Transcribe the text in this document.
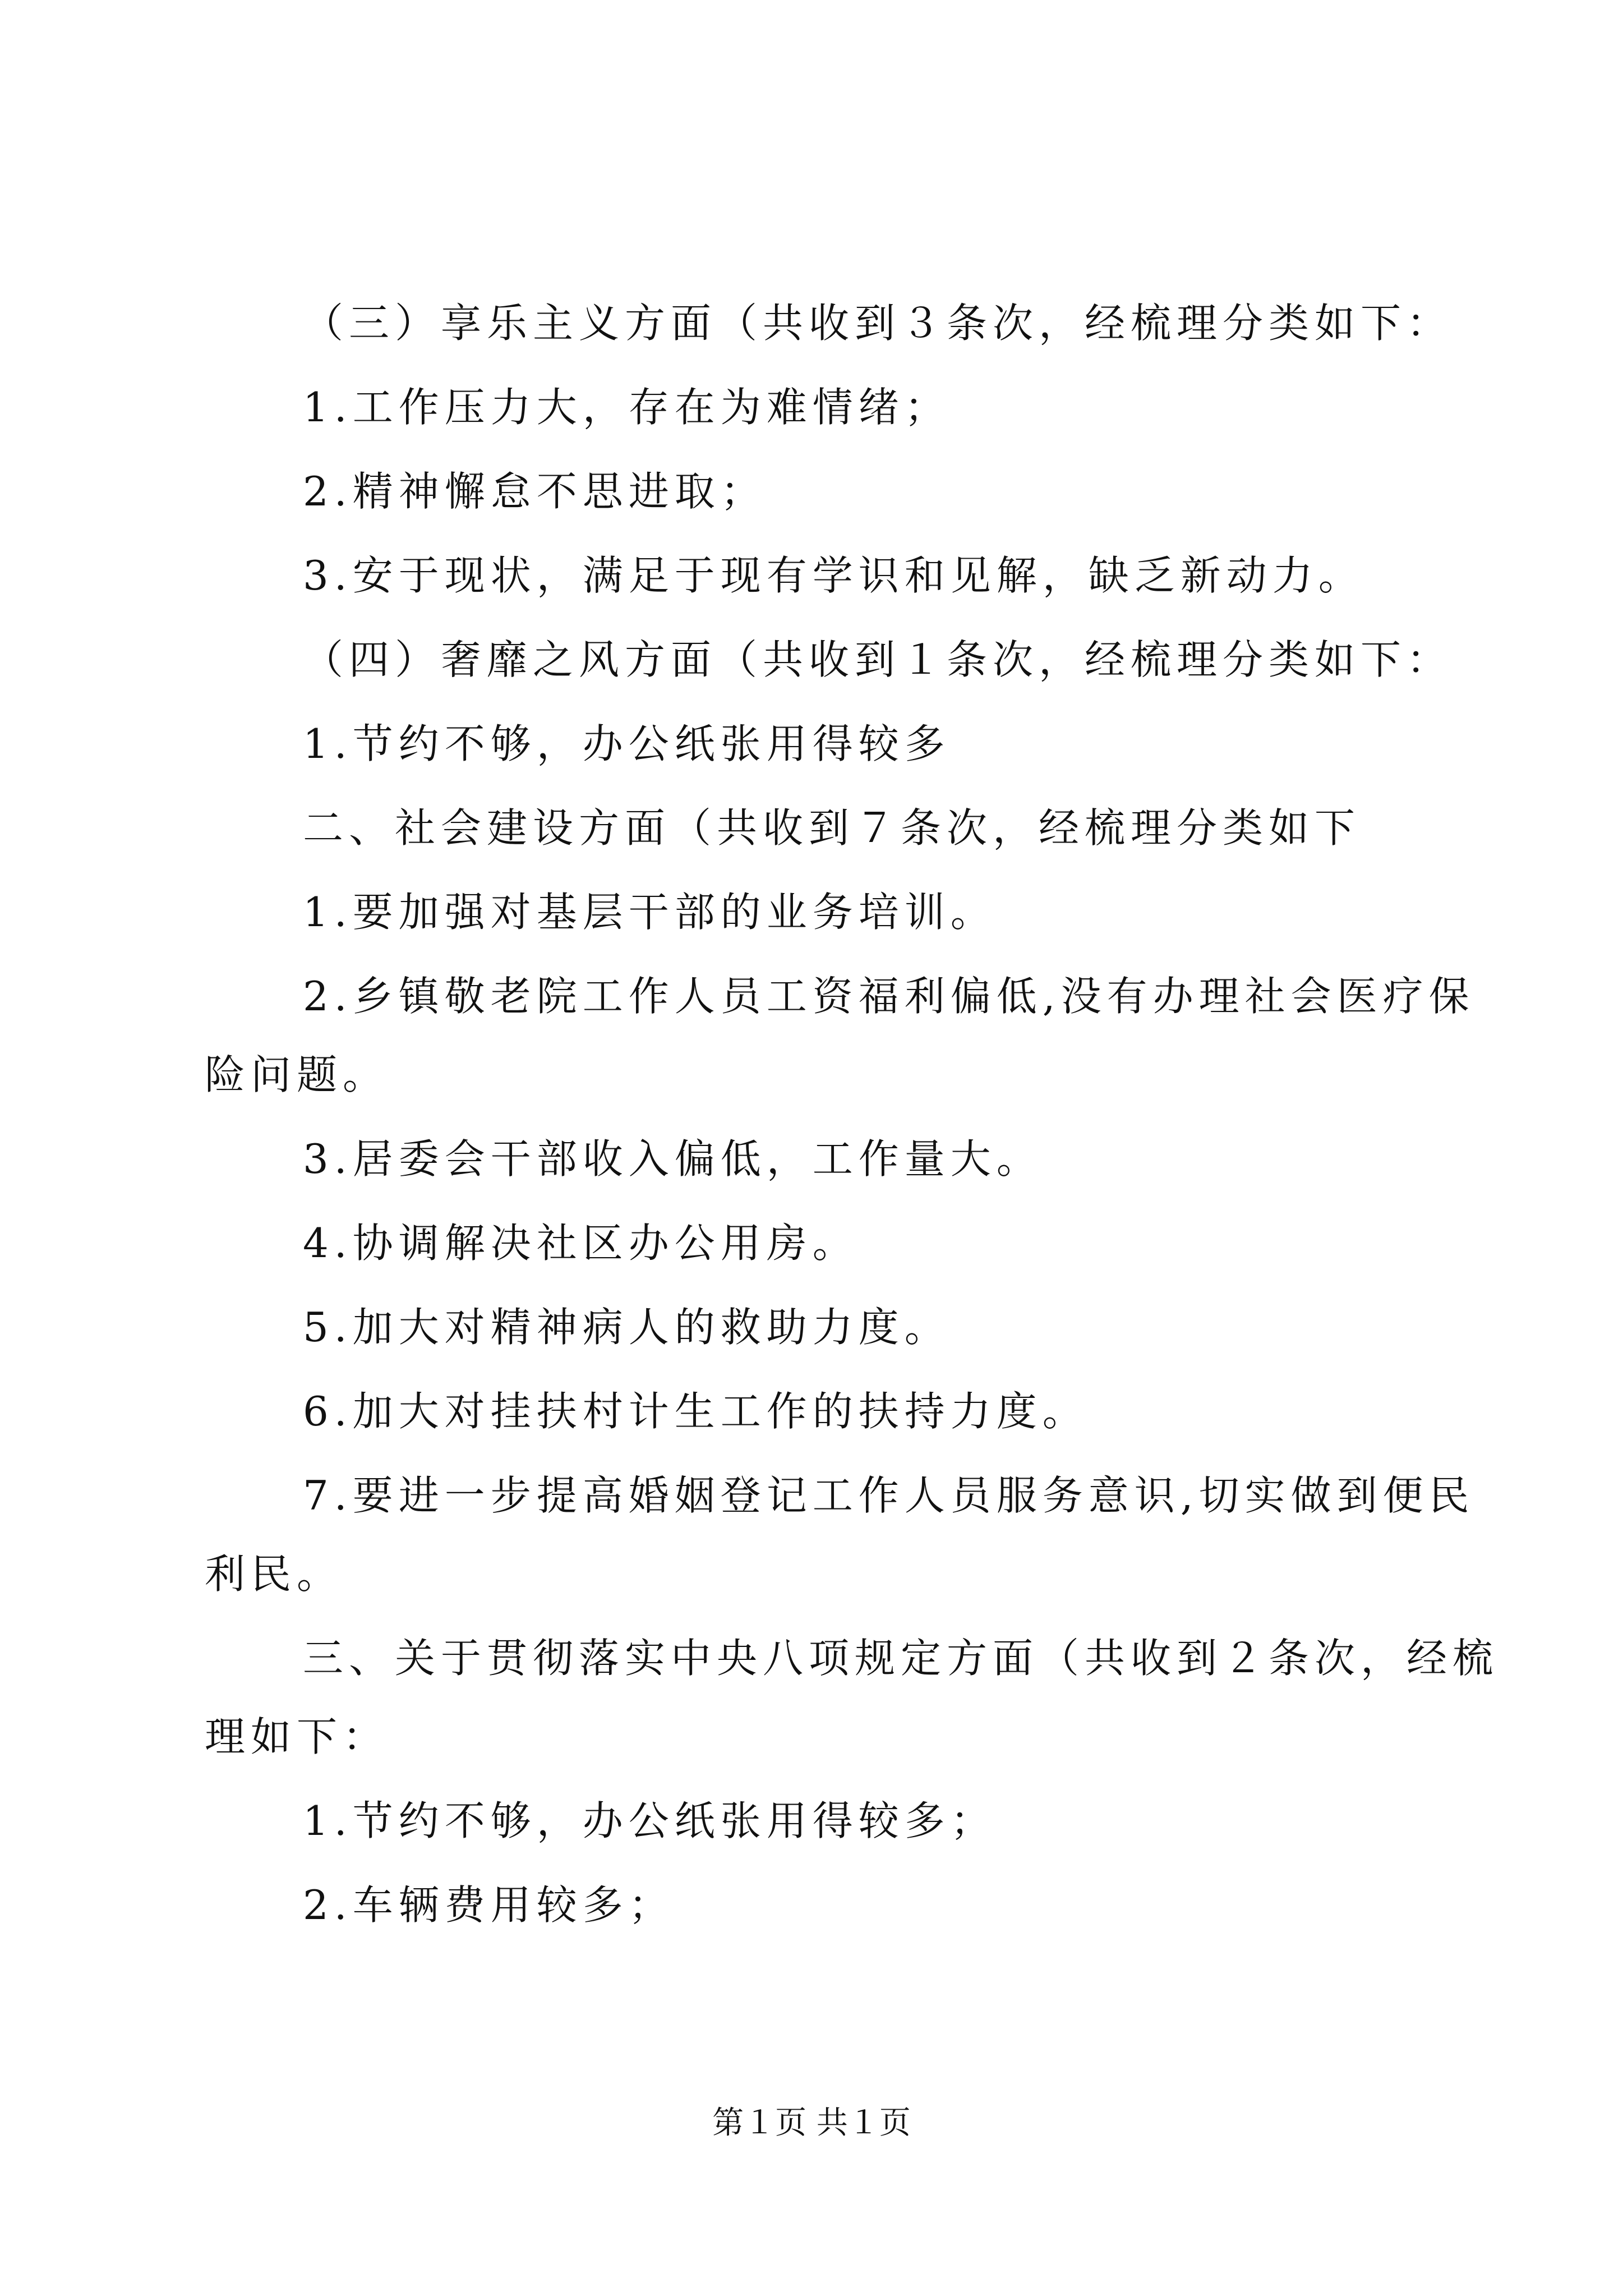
（三）享乐主义方面（共收到３条次，经梳理分类如下：
1.工作压力大，存在为难情绪；
2.精神懈怠不思进取；
3.安于现状，满足于现有学识和见解，缺乏新动力。
（四）奢靡之风方面（共收到１条次，经梳理分类如下：
1.节约不够，办公纸张用得较多
二、社会建设方面（共收到７条次，经梳理分类如下
1.要加强对基层干部的业务培训。
2.乡镇敬老院工作人员工资福利偏低,没有办理社会医疗保
险问题。
3.居委会干部收入偏低，工作量大。
4.协调解决社区办公用房。
5.加大对精神病人的救助力度。
6.加大对挂扶村计生工作的扶持力度。
7.要进一步提高婚姻登记工作人员服务意识,切实做到便民
利民。
三、关于贯彻落实中央八项规定方面（共收到２条次，经梳
理如下：
1.节约不够，办公纸张用得较多；
2.车辆费用较多；
第１页 共１页
